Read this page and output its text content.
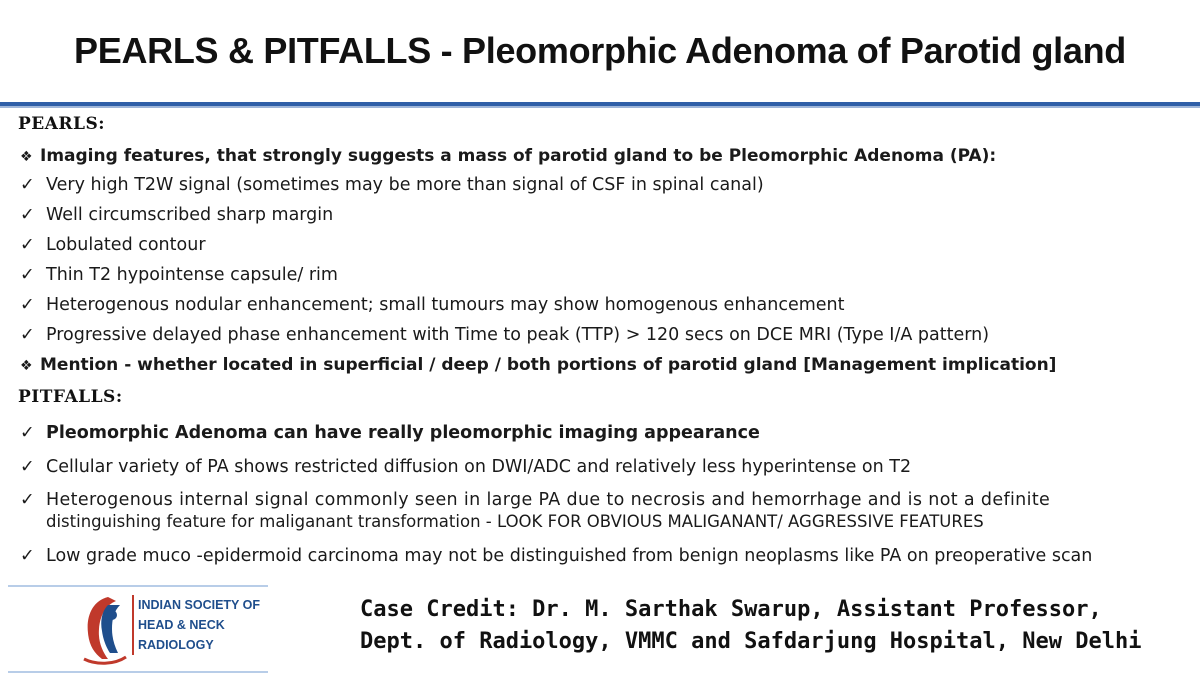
PEARLS & PITFALLS - Pleomorphic Adenoma of Parotid gland
PEARLS:
❖ Imaging features, that strongly suggests a mass of parotid gland to be Pleomorphic Adenoma (PA):
✓ Very high T2W signal (sometimes may be more than signal of CSF in spinal canal)
✓ Well circumscribed sharp margin
✓ Lobulated contour
✓ Thin T2 hypointense capsule/ rim
✓ Heterogenous nodular enhancement; small tumours may show homogenous enhancement
✓ Progressive delayed phase enhancement with Time to peak (TTP) > 120 secs on DCE MRI (Type I/A pattern)
❖ Mention - whether located in superficial / deep / both portions of parotid gland [Management implication]
PITFALLS:
✓ Pleomorphic Adenoma can have really pleomorphic imaging appearance
✓ Cellular variety of PA shows restricted diffusion on DWI/ADC and relatively less hyperintense on T2
✓ Heterogenous internal signal commonly seen in large PA due to necrosis and hemorrhage and is not a definite
distinguishing feature for maliganant transformation - LOOK FOR OBVIOUS MALIGANANT/ AGGRESSIVE FEATURES
✓ Low grade muco -epidermoid carcinoma may not be distinguished from benign neoplasms like PA on preoperative scan
INDIAN SOCIETY OF
HEAD & NECK
RADIOLOGY
Case Credit: Dr. M. Sarthak Swarup, Assistant Professor,
Dept. of Radiology, VMMC and Safdarjung Hospital, New Delhi
